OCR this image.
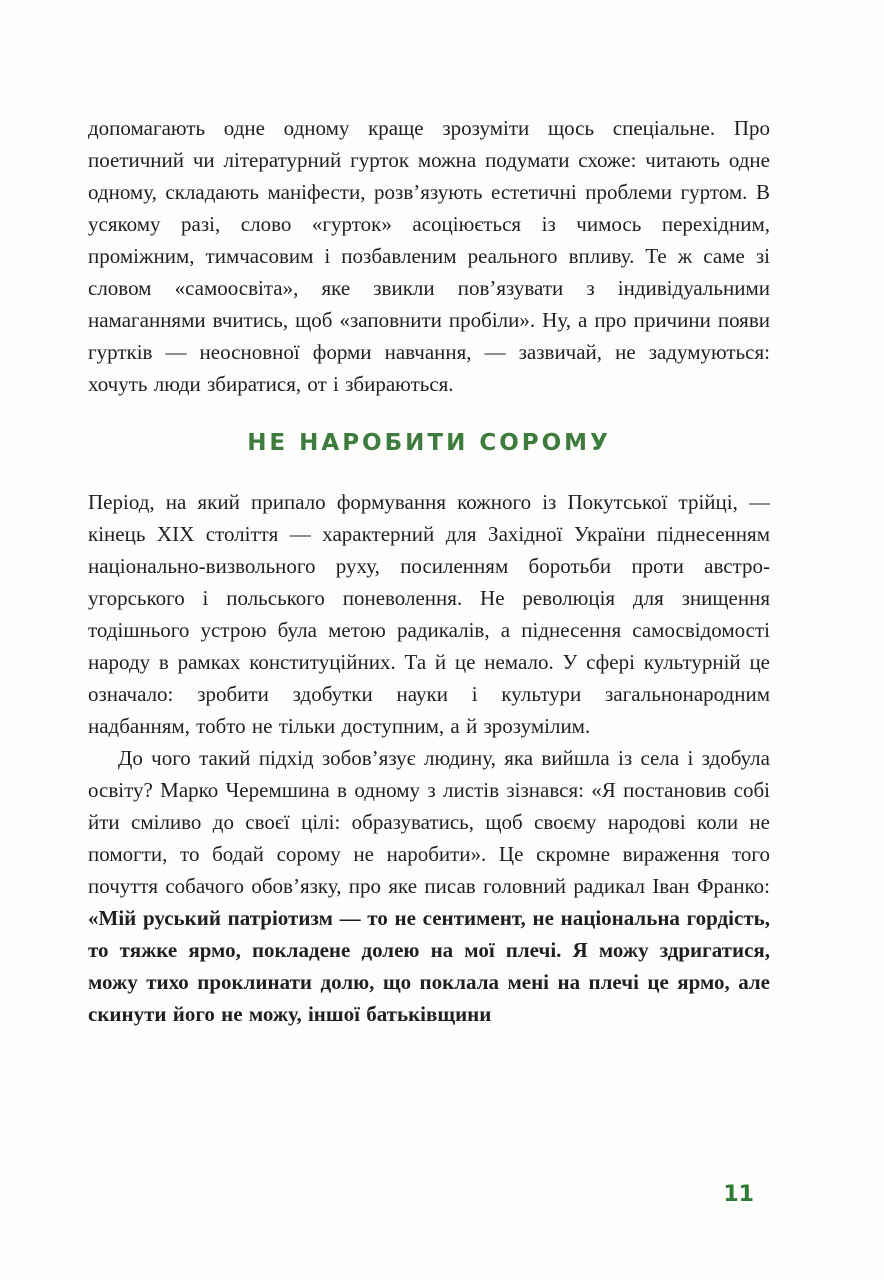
допомагають одне одному краще зрозуміти щось спеціальне. Про поетичний чи літературний гурток можна подумати схоже: читають одне одному, складають маніфести, розв’язують естетичні проблеми гуртом. В усякому разі, слово «гурток» асоціюється із чимось перехідним, проміжним, тимчасовим і позбавленим реального впливу. Те ж саме зі словом «самоосвіта», яке звикли пов’язувати з індивідуальними намаганнями вчитись, щоб «заповнити пробіли». Ну, а про причини появи гуртків — неосновної форми навчання, — зазвичай, не задумуються: хочуть люди збиратися, от і збираються.

НЕ НАРОБИТИ СОРОМУ

Період, на який припало формування кожного із Покутської трійці, — кінець XIX століття — характерний для Західної України піднесенням національно-визвольного руху, посиленням боротьби проти австро-угорського і польського поневолення. Не революція для знищення тодішнього устрою була метою радикалів, а піднесення самосвідомості народу в рамках конституційних. Та й це немало. У сфері культурній це означало: зробити здобутки науки і культури загальнонародним надбанням, тобто не тільки доступним, а й зрозумілим.

До чого такий підхід зобов’язує людину, яка вийшла із села і здобула освіту? Марко Черемшина в одному з листів зізнався: «Я постановив собі йти сміливо до своєї цілі: образуватись, щоб своєму народові коли не помогти, то бодай сорому не наробити». Це скромне вираження того почуття собачого обов’язку, про яке писав головний радикал Іван Франко: «Мій руський патріотизм — то не сентимент, не національна гордість, то тяжке ярмо, покладене долею на мої плечі. Я можу здригатися, можу тихо проклинати долю, що поклала мені на плечі це ярмо, але скинути його не можу, іншої батьківщини

11
